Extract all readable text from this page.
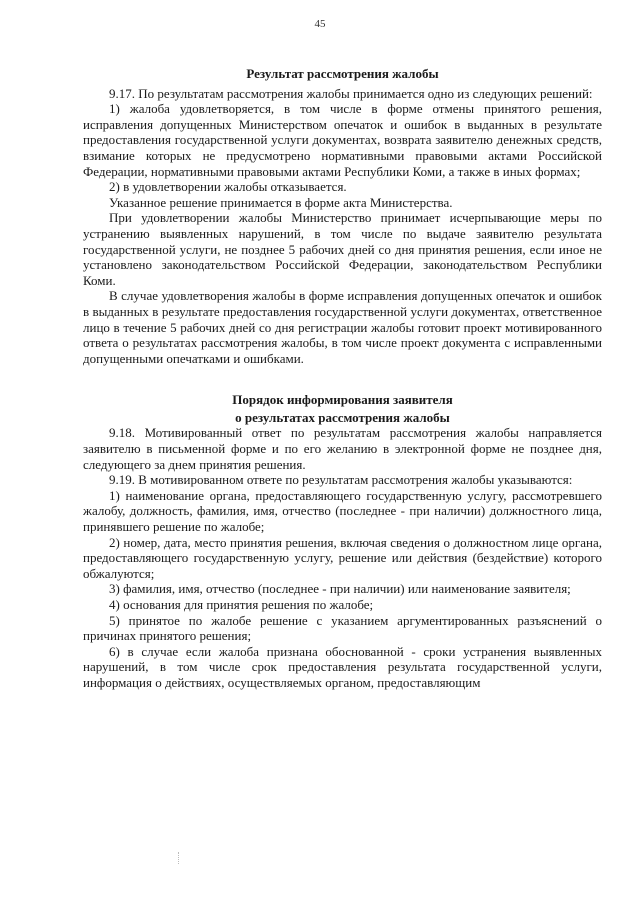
45
Результат рассмотрения жалобы

9.17. По результатам рассмотрения жалобы принимается одно из следующих решений:

1) жалоба удовлетворяется, в том числе в форме отмены принятого решения, исправления допущенных Министерством опечаток и ошибок в выданных в результате предоставления государственной услуги документах, возврата заявителю денежных средств, взимание которых не предусмотрено нормативными правовыми актами Российской Федерации, нормативными правовыми актами Республики Коми, а также в иных формах;

2) в удовлетворении жалобы отказывается.

Указанное решение принимается в форме акта Министерства.

При удовлетворении жалобы Министерство принимает исчерпывающие меры по устранению выявленных нарушений, в том числе по выдаче заявителю результата государственной услуги, не позднее 5 рабочих дней со дня принятия решения, если иное не установлено законодательством Российской Федерации, законодательством Республики Коми.

В случае удовлетворения жалобы в форме исправления допущенных опечаток и ошибок в выданных в результате предоставления государственной услуги документах, ответственное лицо в течение 5 рабочих дней со дня регистрации жалобы готовит проект мотивированного ответа о результатах рассмотрения жалобы, в том числе проект документа с исправленными допущенными опечатками и ошибками.

Порядок информирования заявителя
о результатах рассмотрения жалобы

9.18. Мотивированный ответ по результатам рассмотрения жалобы направляется заявителю в письменной форме и по его желанию в электронной форме не позднее дня, следующего за днем принятия решения.

9.19. В мотивированном ответе по результатам рассмотрения жалобы указываются:

1) наименование органа, предоставляющего государственную услугу, рассмотревшего жалобу, должность, фамилия, имя, отчество (последнее - при наличии) должностного лица, принявшего решение по жалобе;

2) номер, дата, место принятия решения, включая сведения о должностном лице органа, предоставляющего государственную услугу, решение или действия (бездействие) которого обжалуются;

3) фамилия, имя, отчество (последнее - при наличии) или наименование заявителя;

4) основания для принятия решения по жалобе;

5) принятое по жалобе решение с указанием аргументированных разъяснений о причинах принятого решения;

6) в случае если жалоба признана обоснованной - сроки устранения выявленных нарушений, в том числе срок предоставления результата государственной услуги, информация о действиях, осуществляемых органом, предоставляющим
